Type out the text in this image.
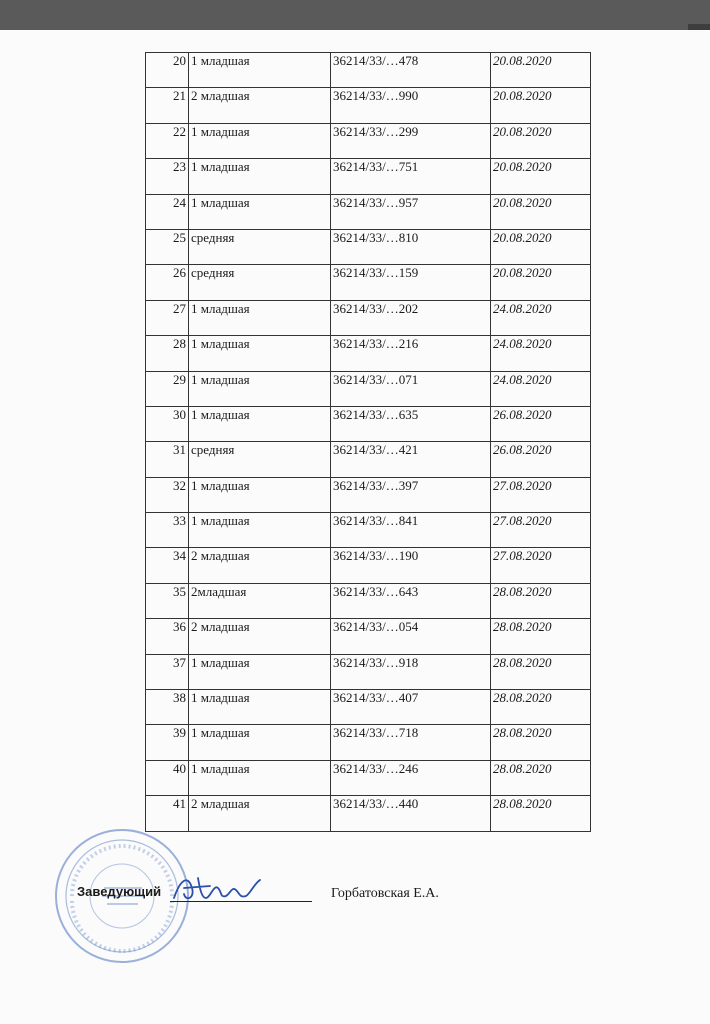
20	1 младшая	36214/33/…478	20.08.2020
21	2 младшая	36214/33/…990	20.08.2020
22	1 младшая	36214/33/…299	20.08.2020
23	1 младшая	36214/33/…751	20.08.2020
24	1 младшая	36214/33/…957	20.08.2020
25	средняя	36214/33/…810	20.08.2020
26	средняя	36214/33/…159	20.08.2020
27	1 младшая	36214/33/…202	24.08.2020
28	1 младшая	36214/33/…216	24.08.2020
29	1 младшая	36214/33/…071	24.08.2020
30	1 младшая	36214/33/…635	26.08.2020
31	средняя	36214/33/…421	26.08.2020
32	1 младшая	36214/33/…397	27.08.2020
33	1 младшая	36214/33/…841	27.08.2020
34	2 младшая	36214/33/…190	27.08.2020
35	2младшая	36214/33/…643	28.08.2020
36	2 младшая	36214/33/…054	28.08.2020
37	1 младшая	36214/33/…918	28.08.2020
38	1 младшая	36214/33/…407	28.08.2020
39	1 младшая	36214/33/…718	28.08.2020
40	1 младшая	36214/33/…246	28.08.2020
41	2 младшая	36214/33/…440	28.08.2020
Заведующий	Горбатовская Е.А.
